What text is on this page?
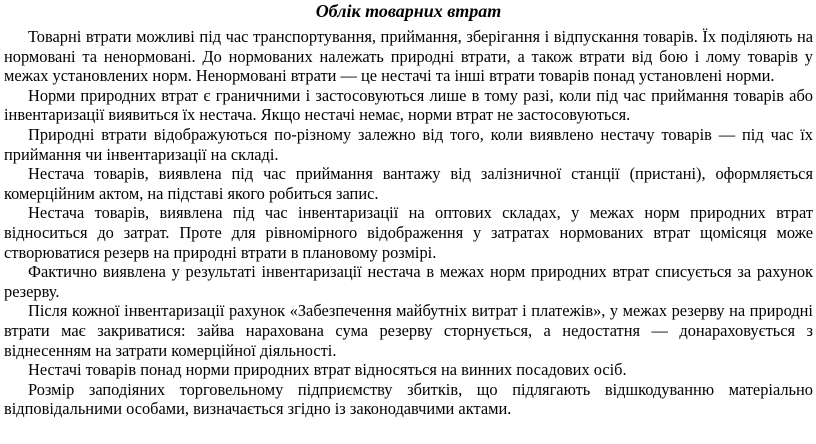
Облік товарних втрат

Товарні втрати можливі під час транспортування, приймання, зберігання і відпускання товарів. Їх поділяють на нормовані та ненормовані. До нормованих належать природні втрати, а також втрати від бою і лому товарів у межах установлених норм. Ненормовані втрати — це нестачі та інші втрати товарів понад установлені норми.

Норми природних втрат є граничними і застосовуються лише в тому разі, коли під час приймання товарів або інвентаризації виявиться їх нестача. Якщо нестачі немає, норми втрат не застосовуються.

Природні втрати відображуються по-різному залежно від того, коли виявлено нестачу товарів — під час їх приймання чи інвентаризації на складі.

Нестача товарів, виявлена під час приймання вантажу від залізничної станції (пристані), оформляється комерційним актом, на підставі якого робиться запис.

Нестача товарів, виявлена під час інвентаризації на оптових складах, у межах норм природних втрат відноситься до затрат. Проте для рівномірного відображення у затратах нормованих втрат щомісяця може створюватися резерв на природні втрати в плановому розмірі.

Фактично виявлена у результаті інвентаризації нестача в межах норм природних втрат списується за рахунок резерву.

Після кожної інвентаризації рахунок «Забезпечення майбутніх витрат і платежів», у межах резерву на природні втрати має закриватися: зайва нарахована сума резерву сторнується, а недостатня — донараховується з віднесенням на затрати комерційної діяльності.

Нестачі товарів понад норми природних втрат відносяться на винних посадових осіб.

Розмір заподіяних торговельному підприємству збитків, що підлягають відшкодуванню матеріально відповідальними особами, визначається згідно із законодавчими актами.
